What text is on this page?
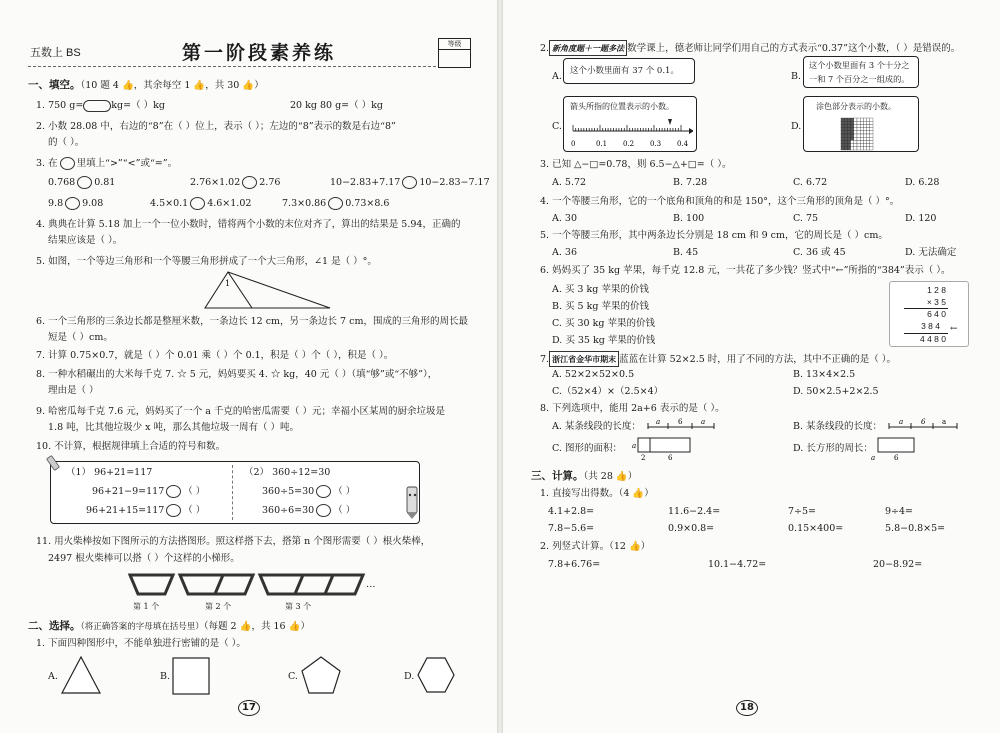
五数上 BS	第一阶段素养练	等级
一、填空。（10 题 4 👍，其余每空 1 👍，共 30 👍）
1. 750 g=	kg=（ ）kg	20 kg 80 g=（ ）kg
2. 小数 28.08 中，右边的“8”在（ ）位上，表示（ ）；左边的“8”表示的数是右边“8”
的（ ）。
3. 在 里填上“>”“<”或“=”。
0.768 0.81	2.76×1.02 2.76	10−2.83+7.17 10−2.83−7.17
9.8 9.08	4.5×0.1 4.6×1.02	7.3×0.86 0.73×8.6
4. 典典在计算 5.18 加上一个一位小数时，错将两个小数的末位对齐了，算出的结果是 5.94，正确的
结果应该是（ ）。
5. 如图，一个等边三角形和一个等腰三角形拼成了一个大三角形，∠1 是（ ）°。
1
6. 一个三角形的三条边长都是整厘米数，一条边长 12 cm，另一条边长 7 cm，围成的三角形的周长最
短是（ ）cm。
7. 计算 0.75×0.7，就是（ ）个 0.01 乘（ ）个 0.1，积是（ ）个（ ），积是（ ）。
8. 一种水稻碾出的大米每千克 7. ☆ 5 元，妈妈要买 4. ☆ kg，40 元（ ）（填“够”或“不够”），
理由是（ ）
9. 哈密瓜每千克 7.6 元，妈妈买了一个 a 千克的哈密瓜需要（ ）元；幸福小区某周的厨余垃圾是
1.8 吨，比其他垃圾少 x 吨，那么其他垃圾一周有（ ）吨。
10. 不计算，根据规律填上合适的符号和数。
（1） 96+21=117
96+21−9=117 （ ）
96+21+15=117 （ ）
（2） 360÷12=30
360÷5=30 （ ）
360÷6=30 （ ）
11. 用火柴棒按如下图所示的方法搭图形。照这样搭下去，搭第 n 个图形需要（ ）根火柴棒，
2497 根火柴棒可以搭（ ）个这样的小梯形。
…
第 1 个	第 2 个	第 3 个
二、选择。（将正确答案的字母填在括号里）（每题 2 👍，共 16 👍）
1. 下面四种图形中，不能单独进行密铺的是（ ）。
A.	B.	C.	D.
17
2. 新角度题＋一题多法 数学课上，德老师让同学们用自己的方式表示“0.37”这个小数，（ ）是错误的。
A. 这个小数里面有 37 个 0.1。	B.
这个小数里面有 3 个十分之
一和 7 个百分之一组成的。
C.
箭头所指的位置表示的小数。
0	0.1 0.2 0.3 0.4
D.
涂色部分表示的小数。
3. 已知 △−□=0.78，则 6.5−△+□=（ ）。
A. 5.72	B. 7.28	C. 6.72	D. 6.28
4. 一个等腰三角形，它的一个底角和顶角的和是 150°，这个三角形的顶角是（ ）°。
A. 30	B. 100	C. 75	D. 120
5. 一个等腰三角形，其中两条边长分别是 18 cm 和 9 cm，它的周长是（ ）cm。
A. 36	B. 45	C. 36 或 45	D. 无法确定
6. 妈妈买了 35 kg 苹果，每千克 12.8 元，一共花了多少钱？竖式中“←”所指的“384”表示（ ）。
A. 买 3 kg 苹果的价钱
B. 买 5 kg 苹果的价钱
C. 买 30 kg 苹果的价钱
D. 买 35 kg 苹果的价钱
1 2 8
× 3 5
6 4 0
3 8 4 ←
4 4 8 0
7. 浙江省金华市期末 蓝蓝在计算 52×2.5 时，用了不同的方法，其中不正确的是（ ）。
A. 52×2×52×0.5	B. 13×4×2.5
C.（52×4）×（2.5×4）	D. 50×2.5+2×2.5
8. 下列选项中，能用 2a+6 表示的是（ ）。
A. 某条线段的长度： a	6	a	B. 某条线段的长度： a	6 a
C. 图形的面积： a
2	6
D. 长方形的周长：
a	6
三、计算。（共 28 👍）
1. 直接写出得数。（4 👍）
4.1+2.8=	11.6−2.4=	7÷5=	9÷4=
7.8−5.6=	0.9×0.8=	0.15×400=	5.8−0.8×5=
2. 列竖式计算。（12 👍）
7.8+6.76=	10.1−4.72=	20−8.92=
18
